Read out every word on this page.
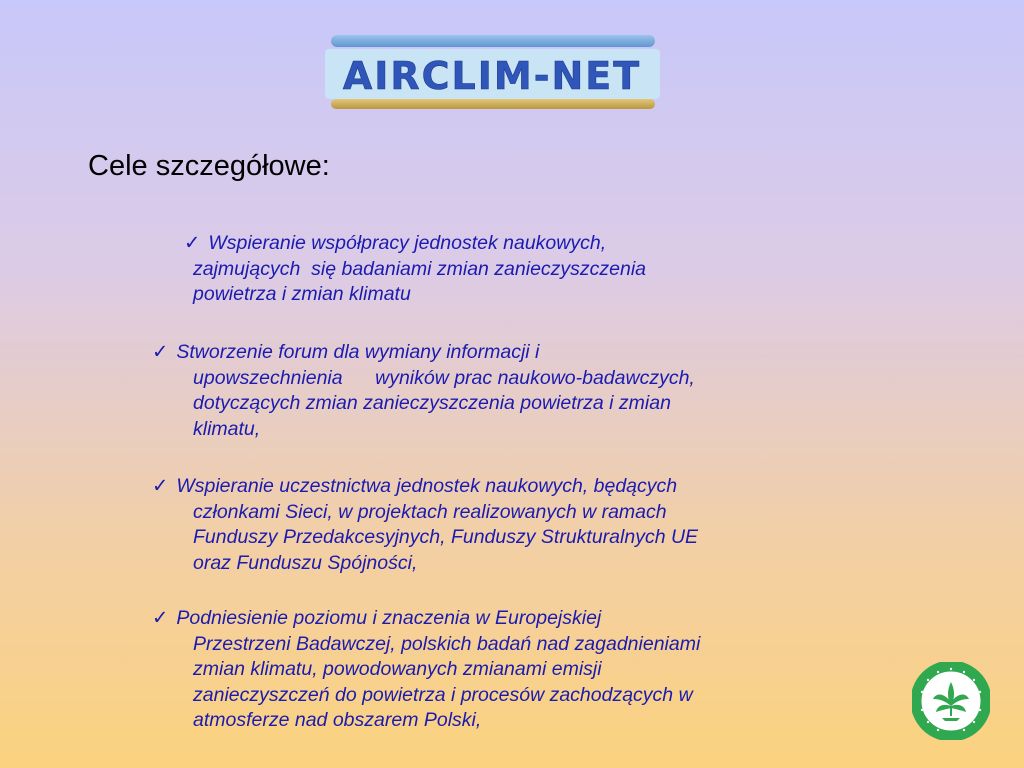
AIRCLIM-NET
Cele szczegółowe:
✓ Wspieranie współpracy jednostek naukowych,
zajmujących  się badaniami zmian zanieczyszczenia
powietrza i zmian klimatu
✓ Stworzenie forum dla wymiany informacji i
upowszechnienia      wyników prac naukowo-badawczych,
dotyczących zmian zanieczyszczenia powietrza i zmian
klimatu,
✓ Wspieranie uczestnictwa jednostek naukowych, będących
członkami Sieci, w projektach realizowanych w ramach
Funduszy Przedakcesyjnych, Funduszy Strukturalnych UE
oraz Funduszu Spójności,
✓ Podniesienie poziomu i znaczenia w Europejskiej
Przestrzeni Badawczej, polskich badań nad zagadnieniami
zmian klimatu, powodowanych zmianami emisji
zanieczyszczeń do powietrza i procesów zachodzących w
atmosferze nad obszarem Polski,
